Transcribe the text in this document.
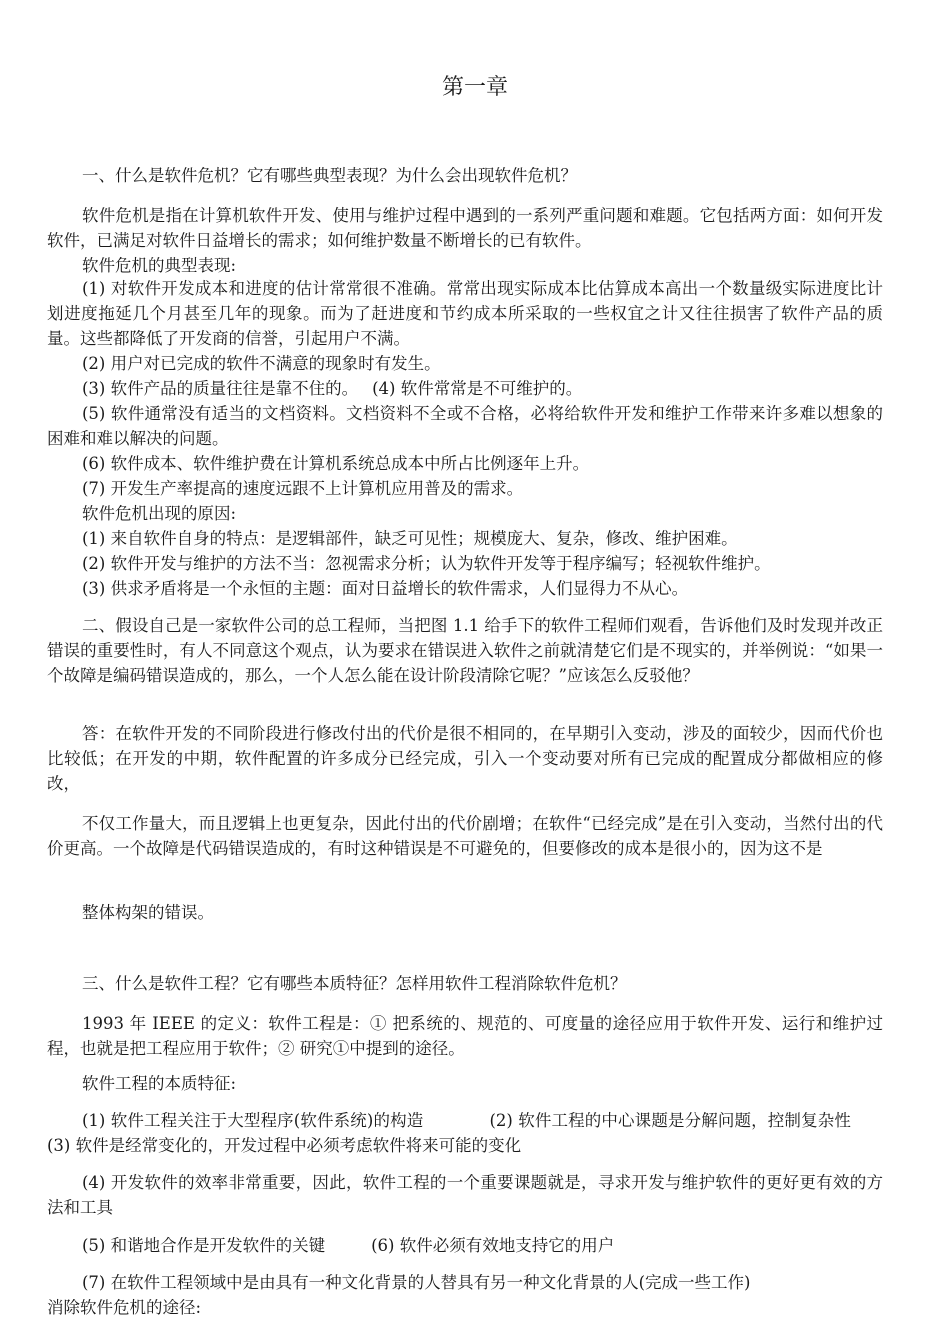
第一章
一、什么是软件危机？它有哪些典型表现？为什么会出现软件危机？
软件危机是指在计算机软件开发、使用与维护过程中遇到的一系列严重问题和难题。它包括两方面：如何开发软件，已满足对软件日益增长的需求；如何维护数量不断增长的已有软件。
软件危机的典型表现:
(1) 对软件开发成本和进度的估计常常很不准确。常常出现实际成本比估算成本高出一个数量级实际进度比计划进度拖延几个月甚至几年的现象。而为了赶进度和节约成本所采取的一些权宜之计又往往损害了软件产品的质量。这些都降低了开发商的信誉，引起用户不满。
(2) 用户对已完成的软件不满意的现象时有发生。
(3) 软件产品的质量往往是靠不住的。 (4) 软件常常是不可维护的。
(5) 软件通常没有适当的文档资料。文档资料不全或不合格，必将给软件开发和维护工作带来许多难以想象的困难和难以解决的问题。
(6) 软件成本、软件维护费在计算机系统总成本中所占比例逐年上升。
(7) 开发生产率提高的速度远跟不上计算机应用普及的需求。
软件危机出现的原因:
(1) 来自软件自身的特点：是逻辑部件，缺乏可见性；规模庞大、复杂，修改、维护困难。
(2) 软件开发与维护的方法不当：忽视需求分析；认为软件开发等于程序编写；轻视软件维护。
(3) 供求矛盾将是一个永恒的主题：面对日益增长的软件需求，人们显得力不从心。
二、假设自己是一家软件公司的总工程师，当把图 1.1 给手下的软件工程师们观看，告诉他们及时发现并改正错误的重要性时，有人不同意这个观点，认为要求在错误进入软件之前就清楚它们是不现实的，并举例说：“如果一个故障是编码错误造成的，那么，一个人怎么能在设计阶段清除它呢？”应该怎么反驳他？
答：在软件开发的不同阶段进行修改付出的代价是很不相同的，在早期引入变动，涉及的面较少，因而代价也比较低；在开发的中期，软件配置的许多成分已经完成，引入一个变动要对所有已完成的配置成分都做相应的修改，
不仅工作量大，而且逻辑上也更复杂，因此付出的代价剧增；在软件“已经完成”是在引入变动，当然付出的代价更高。一个故障是代码错误造成的，有时这种错误是不可避免的，但要修改的成本是很小的，因为这不是
整体构架的错误。
三、什么是软件工程？它有哪些本质特征？怎样用软件工程消除软件危机？
1993 年 IEEE 的定义：软件工程是：① 把系统的、规范的、可度量的途径应用于软件开发、运行和维护过程，也就是把工程应用于软件；② 研究①中提到的途径。
软件工程的本质特征:
(1) 软件工程关注于大型程序(软件系统)的构造	(2) 软件工程的中心课题是分解问题，控制复杂性(3) 软件是经常变化的，开发过程中必须考虑软件将来可能的变化
(4) 开发软件的效率非常重要，因此，软件工程的一个重要课题就是，寻求开发与维护软件的更好更有效的方法和工具
(5) 和谐地合作是开发软件的关键	(6) 软件必须有效地支持它的用户
(7) 在软件工程领域中是由具有一种文化背景的人替具有另一种文化背景的人(完成一些工作)
消除软件危机的途径:
